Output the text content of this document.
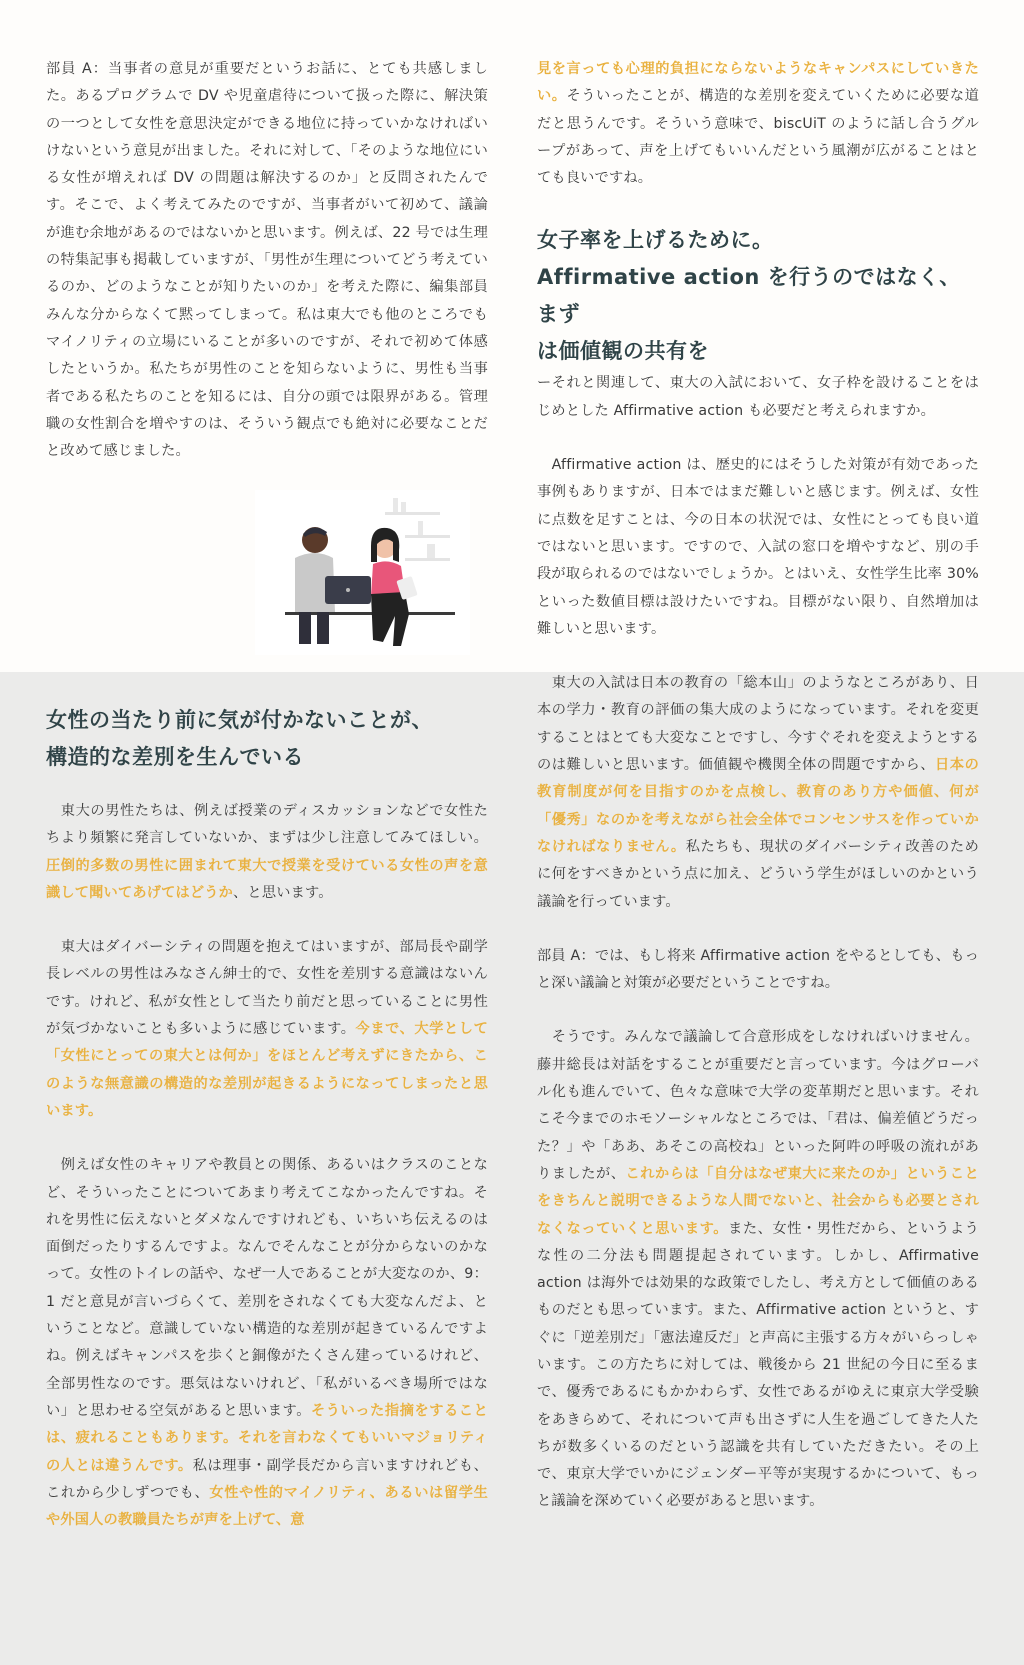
部員 A：当事者の意見が重要だというお話に、とても共感しました。あるプログラムで DV や児童虐待について扱った際に、解決策の一つとして女性を意思決定ができる地位に持っていかなければいけないという意見が出ました。それに対して、「そのような地位にいる女性が増えれば DV の問題は解決するのか」と反問されたんです。そこで、よく考えてみたのですが、当事者がいて初めて、議論が進む余地があるのではないかと思います。例えば、22 号では生理の特集記事も掲載していますが、「男性が生理についてどう考えているのか、どのようなことが知りたいのか」を考えた際に、編集部員みんな分からなくて黙ってしまって。私は東大でも他のところでもマイノリティの立場にいることが多いのですが、それで初めて体感したというか。私たちが男性のことを知らないように、男性も当事者である私たちのことを知るには、自分の頭では限界がある。管理職の女性割合を増やすのは、そういう観点でも絶対に必要なことだと改めて感じました。

女性の当たり前に気が付かないことが、
構造的な差別を生んでいる

　東大の男性たちは、例えば授業のディスカッションなどで女性たちより頻繁に発言していないか、まずは少し注意してみてほしい。圧倒的多数の男性に囲まれて東大で授業を受けている女性の声を意識して聞いてあげてはどうか、と思います。

　東大はダイバーシティの問題を抱えてはいますが、部局長や副学長レベルの男性はみなさん紳士的で、女性を差別する意識はないんです。けれど、私が女性として当たり前だと思っていることに男性が気づかないことも多いように感じています。今まで、大学として「女性にとっての東大とは何か」をほとんど考えずにきたから、このような無意識の構造的な差別が起きるようになってしまったと思います。

　例えば女性のキャリアや教員との関係、あるいはクラスのことなど、そういったことについてあまり考えてこなかったんですね。それを男性に伝えないとダメなんですけれども、いちいち伝えるのは面倒だったりするんですよ。なんでそんなことが分からないのかなって。女性のトイレの話や、なぜ一人であることが大変なのか、9：1 だと意見が言いづらくて、差別をされなくても大変なんだよ、ということなど。意識していない構造的な差別が起きているんですよね。例えばキャンパスを歩くと銅像がたくさん建っているけれど、全部男性なのです。悪気はないけれど、「私がいるべき場所ではない」と思わせる空気があると思います。そういった指摘をすることは、疲れることもあります。それを言わなくてもいいマジョリティの人とは違うんです。私は理事・副学長だから言いますけれども、これから少しずつでも、女性や性的マイノリティ、あるいは留学生や外国人の教職員たちが声を上げて、意

見を言っても心理的負担にならないようなキャンパスにしていきたい。そういったことが、構造的な差別を変えていくために必要な道だと思うんです。そういう意味で、biscUiT のように話し合うグループがあって、声を上げてもいいんだという風潮が広がることはとても良いですね。

女子率を上げるために。
Affirmative action を行うのではなく、まず
は価値観の共有を

ーそれと関連して、東大の入試において、女子枠を設けることをはじめとした Affirmative action も必要だと考えられますか。

　Affirmative action は、歴史的にはそうした対策が有効であった事例もありますが、日本ではまだ難しいと感じます。例えば、女性に点数を足すことは、今の日本の状況では、女性にとっても良い道ではないと思います。ですので、入試の窓口を増やすなど、別の手段が取られるのではないでしょうか。とはいえ、女性学生比率 30% といった数値目標は設けたいですね。目標がない限り、自然増加は難しいと思います。

　東大の入試は日本の教育の「総本山」のようなところがあり、日本の学力・教育の評価の集大成のようになっています。それを変更することはとても大変なことですし、今すぐそれを変えようとするのは難しいと思います。価値観や機関全体の問題ですから、日本の教育制度が何を目指すのかを点検し、教育のあり方や価値、何が「優秀」なのかを考えながら社会全体でコンセンサスを作っていかなければなりません。私たちも、現状のダイバーシティ改善のために何をすべきかという点に加え、どういう学生がほしいのかという議論を行っています。

部員 A：では、もし将来 Affirmative action をやるとしても、もっと深い議論と対策が必要だということですね。

　そうです。みんなで議論して合意形成をしなければいけません。藤井総長は対話をすることが重要だと言っています。今はグローバル化も進んでいて、色々な意味で大学の変革期だと思います。それこそ今までのホモソーシャルなところでは、「君は、偏差値どうだった？」や「ああ、あそこの高校ね」といった阿吽の呼吸の流れがありましたが、これからは「自分はなぜ東大に来たのか」ということをきちんと説明できるような人間でないと、社会からも必要とされなくなっていくと思います。また、女性・男性だから、というような性の二分法も問題提起されています。しかし、Affirmative action は海外では効果的な政策でしたし、考え方として価値のあるものだとも思っています。また、Affirmative action というと、すぐに「逆差別だ」「憲法違反だ」と声高に主張する方々がいらっしゃいます。この方たちに対しては、戦後から 21 世紀の今日に至るまで、優秀であるにもかかわらず、女性であるがゆえに東京大学受験をあきらめて、それについて声も出さずに人生を過ごしてきた人たちが数多くいるのだという認識を共有していただきたい。その上で、東京大学でいかにジェンダー平等が実現するかについて、もっと議論を深めていく必要があると思います。
